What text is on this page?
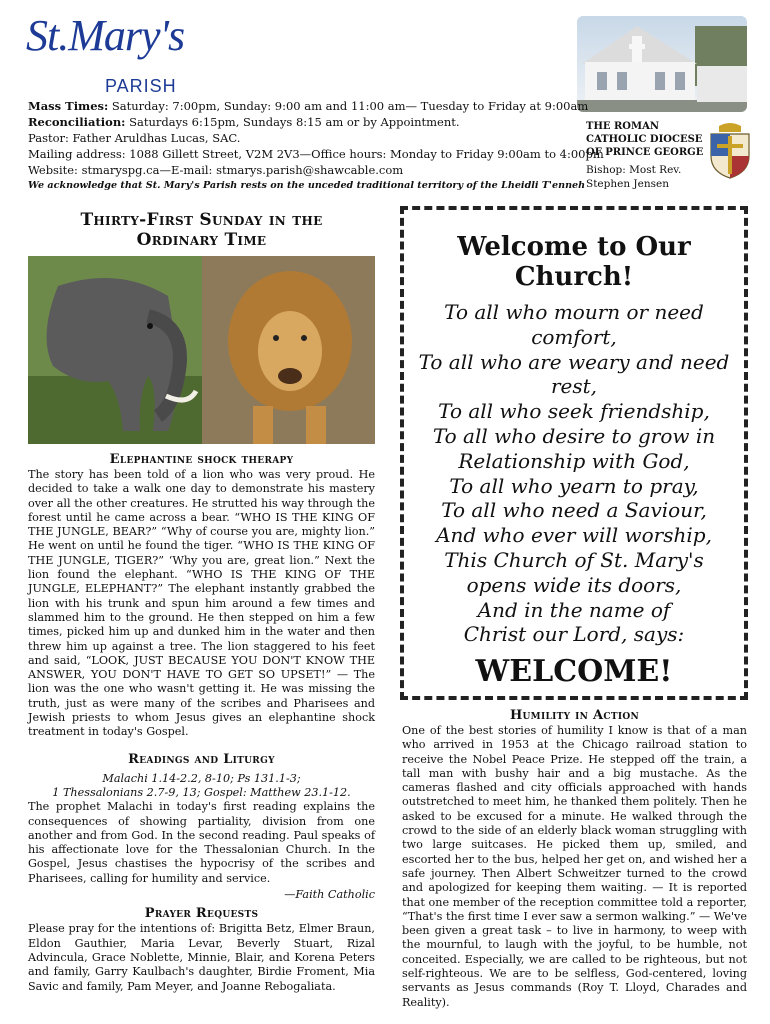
St.Mary's
PARISH
Mass Times: Saturday: 7:00pm, Sunday: 9:00 am and 11:00 am— Tuesday to Friday at 9:00am
Reconciliation: Saturdays 6:15pm, Sundays 8:15 am or by Appointment.
Pastor: Father Aruldhas Lucas, SAC.
Mailing address: 1088 Gillett Street, V2M 2V3—Office hours: Monday to Friday 9:00am to 4:00pm
Website: stmaryspg.ca—E-mail: stmarys.parish@shawcable.com
We acknowledge that St. Mary's Parish rests on the unceded traditional territory of the Lheidli T'enneh
THE ROMAN
CATHOLIC DIOCESE
OF PRINCE GEORGE
Bishop: Most Rev.
Stephen Jensen
Thirty-First Sunday in the
Ordinary Time
Elephantine shock therapy
The story has been told of a lion who was very proud. He decided to take a walk one day to demonstrate his mastery over all the other creatures. He strutted his way through the forest until he came across a bear. “WHO IS THE KING OF THE JUNGLE, BEAR?” “Why of course you are, mighty lion.” He went on until he found the tiger. “WHO IS THE KING OF THE JUNGLE, TIGER?” ‘Why you are, great lion.” Next the lion found the elephant. “WHO IS THE KING OF THE JUNGLE, ELEPHANT?” The elephant instantly grabbed the lion with his trunk and spun him around a few times and slammed him to the ground. He then stepped on him a few times, picked him up and dunked him in the water and then threw him up against a tree. The lion staggered to his feet and said, “LOOK, JUST BECAUSE YOU DON'T KNOW THE ANSWER, YOU DON'T HAVE TO GET SO UPSET!” — The lion was the one who wasn't getting it. He was missing the truth, just as were many of the scribes and Pharisees and Jewish priests to whom Jesus gives an elephantine shock treatment in today's Gospel.
Readings and Liturgy
Malachi 1.14-2.2, 8-10; Ps 131.1-3;
1 Thessalonians 2.7-9, 13; Gospel: Matthew 23.1-12.
The prophet Malachi in today's first reading explains the consequences of showing partiality, division from one another and from God. In the second reading. Paul speaks of his affectionate love for the Thessalonian Church. In the Gospel, Jesus chastises the hypocrisy of the scribes and Pharisees, calling for humility and service.
—Faith Catholic
Prayer Requests
Please pray for the intentions of: Brigitta Betz, Elmer Braun, Eldon Gauthier, Maria Levar, Beverly Stuart, Rizal Advincula, Grace Noblette, Minnie, Blair, and Korena Peters and family, Garry Kaulbach's daughter, Birdie Froment, Mia Savic and family, Pam Meyer, and Joanne Rebogaliata.
Welcome to Our
Church!
To all who mourn or need
comfort,
To all who are weary and need
rest,
To all who seek friendship,
To all who desire to grow in
Relationship with God,
To all who yearn to pray,
To all who need a Saviour,
And who ever will worship,
This Church of St. Mary's
opens wide its doors,
And in the name of
Christ our Lord, says:
WELCOME!
Humility in Action
One of the best stories of humility I know is that of a man who arrived in 1953 at the Chicago railroad station to receive the Nobel Peace Prize. He stepped off the train, a tall man with bushy hair and a big mustache. As the cameras flashed and city officials approached with hands outstretched to meet him, he thanked them politely. Then he asked to be excused for a minute. He walked through the crowd to the side of an elderly black woman struggling with two large suitcases. He picked them up, smiled, and escorted her to the bus, helped her get on, and wished her a safe journey. Then Albert Schweitzer turned to the crowd and apologized for keeping them waiting. — It is reported that one member of the reception committee told a reporter, “That's the first time I ever saw a sermon walking.” — We've been given a great task – to live in harmony, to weep with the mournful, to laugh with the joyful, to be humble, not conceited. Especially, we are called to be righteous, but not self-righteous. We are to be selfless, God-centered, loving servants as Jesus commands (Roy T. Lloyd, Charades and Reality).
